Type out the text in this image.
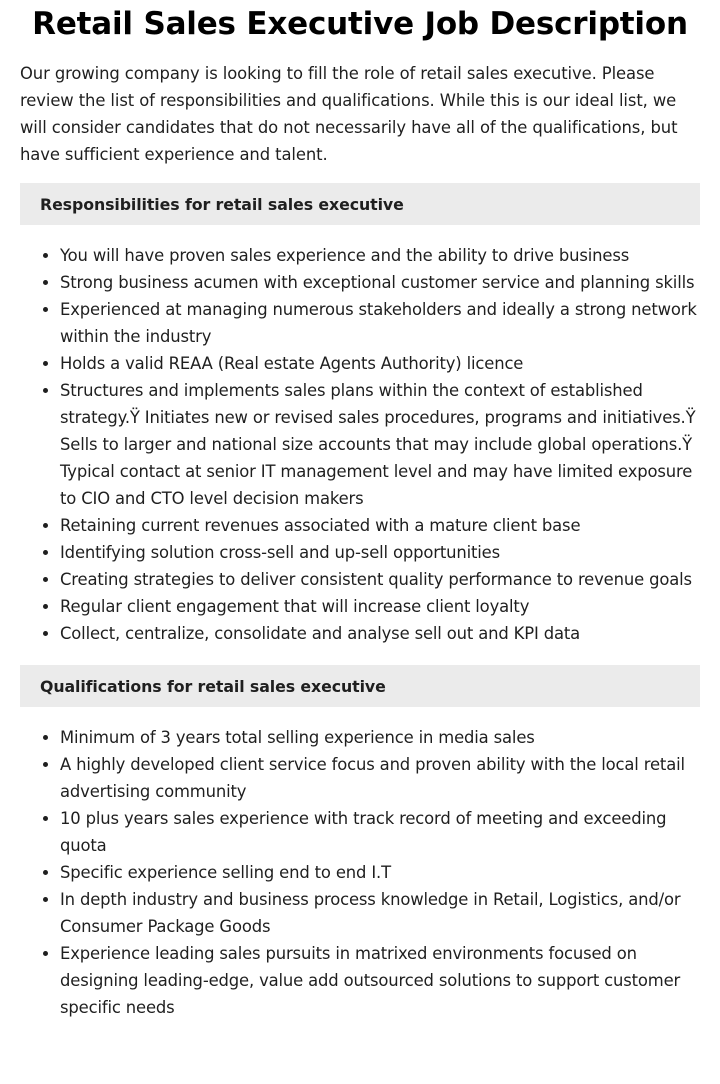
Retail Sales Executive Job Description

Our growing company is looking to fill the role of retail sales executive. Please review the list of responsibilities and qualifications. While this is our ideal list, we will consider candidates that do not necessarily have all of the qualifications, but have sufficient experience and talent.

Responsibilities for retail sales executive
• You will have proven sales experience and the ability to drive business
• Strong business acumen with exceptional customer service and planning skills
• Experienced at managing numerous stakeholders and ideally a strong network within the industry
• Holds a valid REAA (Real estate Agents Authority) licence
• Structures and implements sales plans within the context of established strategy.Ÿ Initiates new or revised sales procedures, programs and initiatives.Ÿ Sells to larger and national size accounts that may include global operations.Ÿ Typical contact at senior IT management level and may have limited exposure to CIO and CTO level decision makers
• Retaining current revenues associated with a mature client base
• Identifying solution cross-sell and up-sell opportunities
• Creating strategies to deliver consistent quality performance to revenue goals
• Regular client engagement that will increase client loyalty
• Collect, centralize, consolidate and analyse sell out and KPI data
Qualifications for retail sales executive
• Minimum of 3 years total selling experience in media sales
• A highly developed client service focus and proven ability with the local retail advertising community
• 10 plus years sales experience with track record of meeting and exceeding quota
• Specific experience selling end to end I.T
• In depth industry and business process knowledge in Retail, Logistics, and/or Consumer Package Goods
• Experience leading sales pursuits in matrixed environments focused on designing leading-edge, value add outsourced solutions to support customer specific needs
